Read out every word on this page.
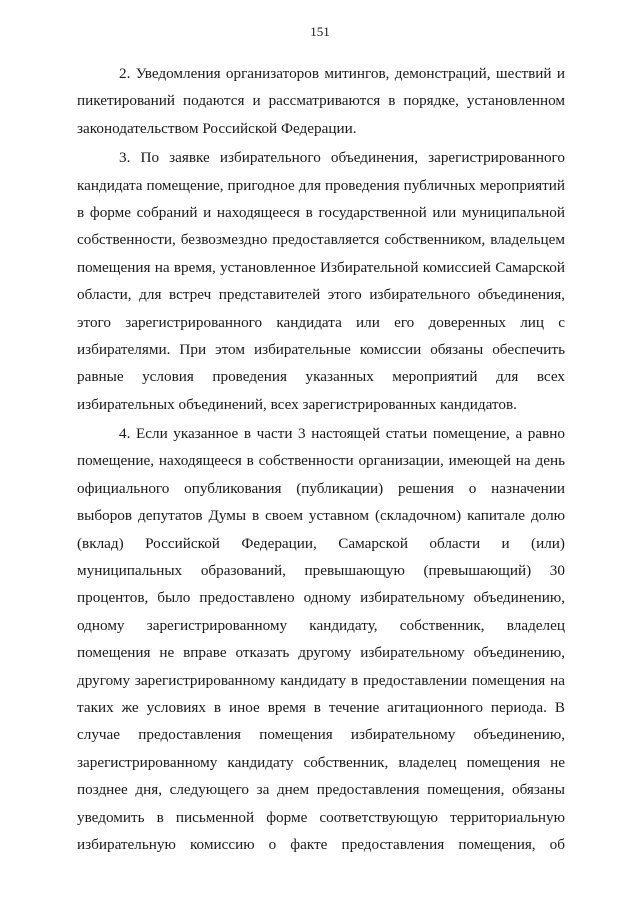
151
2. Уведомления организаторов митингов, демонстраций, шествий и
пикетирований подаются и рассматриваются в порядке, установленном
законодательством Российской Федерации.
3. По заявке избирательного объединения, зарегистрированного
кандидата помещение, пригодное для проведения публичных мероприятий
в форме собраний и находящееся в государственной или муниципальной
собственности, безвозмездно предоставляется собственником, владельцем
помещения на время, установленное Избирательной комиссией Самарской
области, для встреч представителей этого избирательного объединения,
этого зарегистрированного кандидата или его доверенных лиц с
избирателями. При этом избирательные комиссии обязаны обеспечить
равные условия проведения указанных мероприятий для всех
избирательных объединений, всех зарегистрированных кандидатов.
4. Если указанное в части 3 настоящей статьи помещение, а равно
помещение, находящееся в собственности организации, имеющей на день
официального опубликования (публикации) решения о назначении
выборов депутатов Думы в своем уставном (складочном) капитале долю
(вклад) Российской Федерации, Самарской области и (или)
муниципальных образований, превышающую (превышающий) 30
процентов, было предоставлено одному избирательному объединению,
одному зарегистрированному кандидату, собственник, владелец
помещения не вправе отказать другому избирательному объединению,
другому зарегистрированному кандидату в предоставлении помещения на
таких же условиях в иное время в течение агитационного периода. В
случае предоставления помещения избирательному объединению,
зарегистрированному кандидату собственник, владелец помещения не
позднее дня, следующего за днем предоставления помещения, обязаны
уведомить в письменной форме соответствующую территориальную
избирательную комиссию о факте предоставления помещения, об
